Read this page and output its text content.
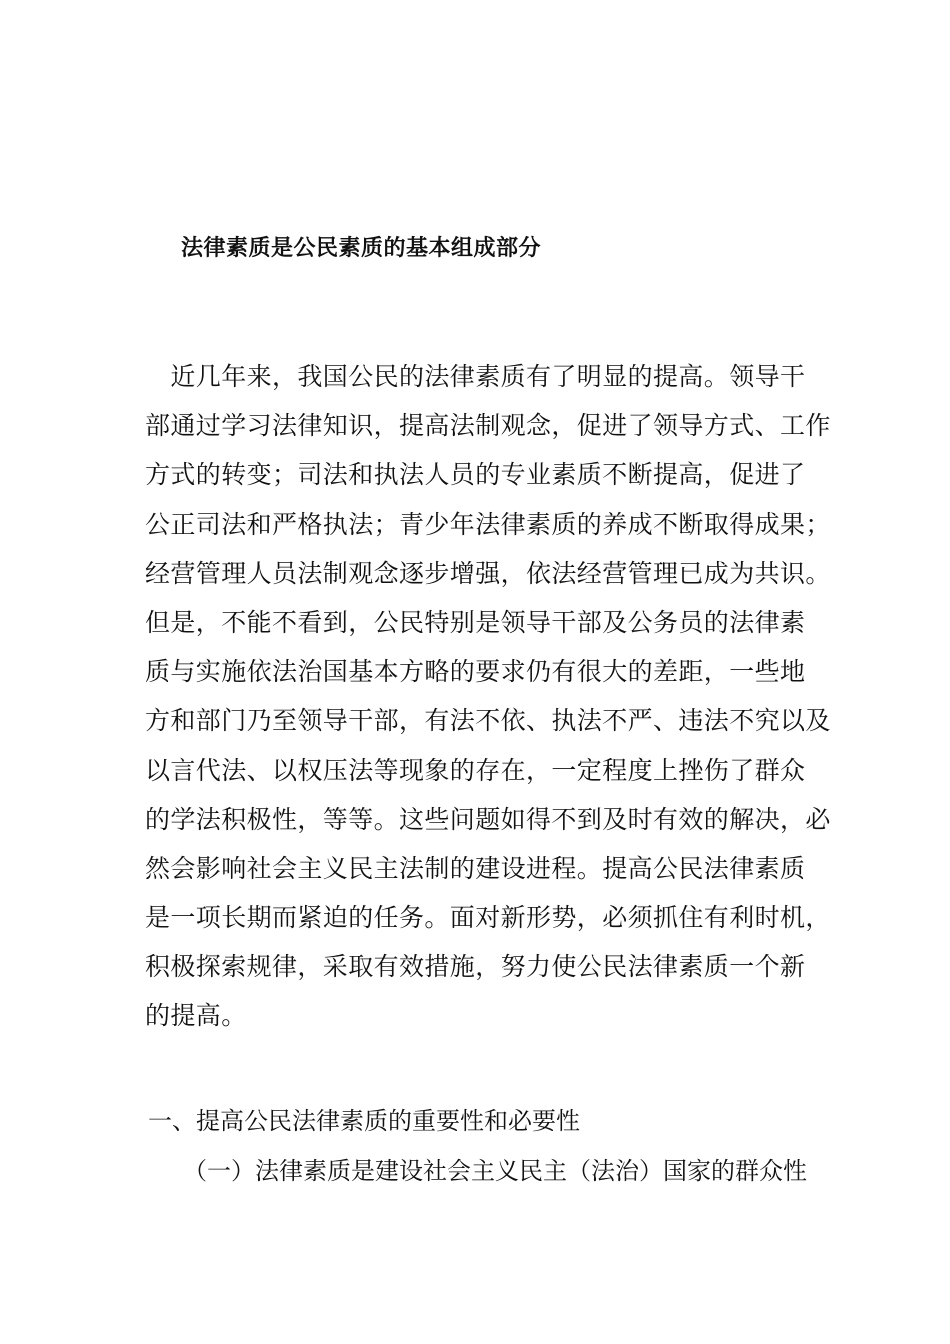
法律素质是公民素质的基本组成部分
　近几年来，我国公民的法律素质有了明显的提高。领导干
部通过学习法律知识，提高法制观念，促进了领导方式、工作
方式的转变；司法和执法人员的专业素质不断提高，促进了
公正司法和严格执法；青少年法律素质的养成不断取得成果；
经营管理人员法制观念逐步增强，依法经营管理已成为共识。
但是，不能不看到，公民特别是领导干部及公务员的法律素
质与实施依法治国基本方略的要求仍有很大的差距，一些地
方和部门乃至领导干部，有法不依、执法不严、违法不究以及
以言代法、以权压法等现象的存在，一定程度上挫伤了群众
的学法积极性，等等。这些问题如得不到及时有效的解决，必
然会影响社会主义民主法制的建设进程。提高公民法律素质
是一项长期而紧迫的任务。面对新形势，必须抓住有利时机，
积极探索规律，采取有效措施，努力使公民法律素质一个新
的提高。
一、提高公民法律素质的重要性和必要性
（一）法律素质是建设社会主义民主（法治）国家的群众性
